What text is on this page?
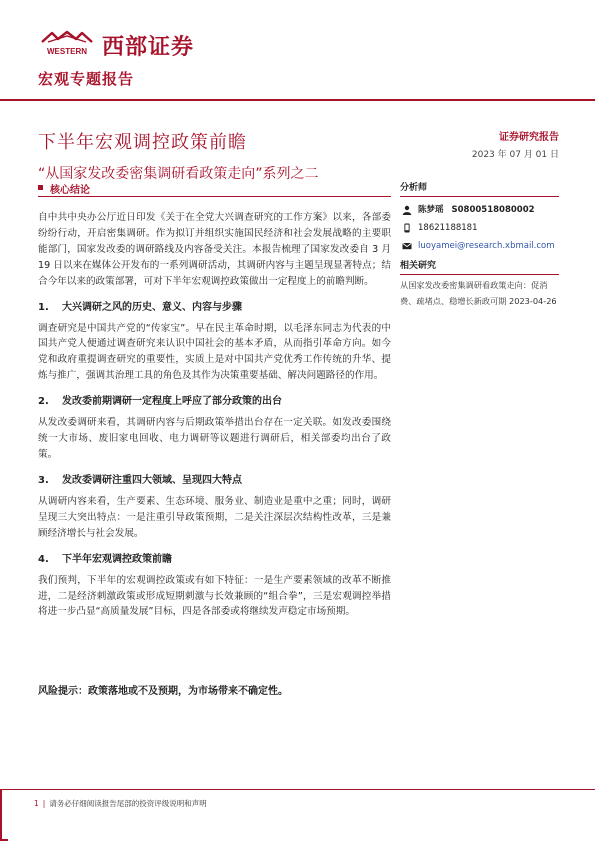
WESTERN 西部证券
宏观专题报告
下半年宏观调控政策前瞻
“从国家发改委密集调研看政策走向”系列之二
证券研究报告
2023 年 07 月 01 日
核心结论

自中共中央办公厅近日印发《关于在全党大兴调查研究的工作方案》以来，各部委纷纷行动，开启密集调研。作为拟订并组织实施国民经济和社会发展战略的主要职能部门，国家发改委的调研路线及内容备受关注。本报告梳理了国家发改委自 3 月 19 日以来在媒体公开发布的一系列调研活动，其调研内容与主题呈现显著特点；结合今年以来的政策部署，可对下半年宏观调控政策做出一定程度上的前瞻判断。

1. 大兴调研之风的历史、意义、内容与步骤

调查研究是中国共产党的“传家宝”。早在民主革命时期，以毛泽东同志为代表的中国共产党人便通过调查研究来认识中国社会的基本矛盾，从而指引革命方向。如今党和政府重提调查研究的重要性，实质上是对中国共产党优秀工作传统的升华、提炼与推广，强调其治理工具的角色及其作为决策重要基础、解决问题路径的作用。

2. 发改委前期调研一定程度上呼应了部分政策的出台

从发改委调研来看，其调研内容与后期政策举措出台存在一定关联。如发改委围绕统一大市场、废旧家电回收、电力调研等议题进行调研后，相关部委均出台了政策。

3. 发改委调研注重四大领域、呈现四大特点

从调研内容来看，生产要素、生态环境、服务业、制造业是重中之重；同时，调研呈现三大突出特点：一是注重引导政策预期，二是关注深层次结构性改革，三是兼顾经济增长与社会发展。

4. 下半年宏观调控政策前瞻

我们预判，下半年的宏观调控政策或有如下特征：一是生产要素领域的改革不断推进，二是经济刺激政策或形成短期刺激与长效兼顾的“组合拳”，三是宏观调控举措将进一步凸显“高质量发展”目标，四是各部委或将继续发声稳定市场预期。

风险提示：政策落地或不及预期，为市场带来不确定性。
分析师
陈梦瑶 S0800518080002
18621188181
luoyamei@research.xbmail.com
相关研究
从国家发改委密集调研看政策走向：促消费、疏堵点、稳增长新政可期 2023-04-26
1 | 请务必仔细阅读报告尾部的投资评级说明和声明
